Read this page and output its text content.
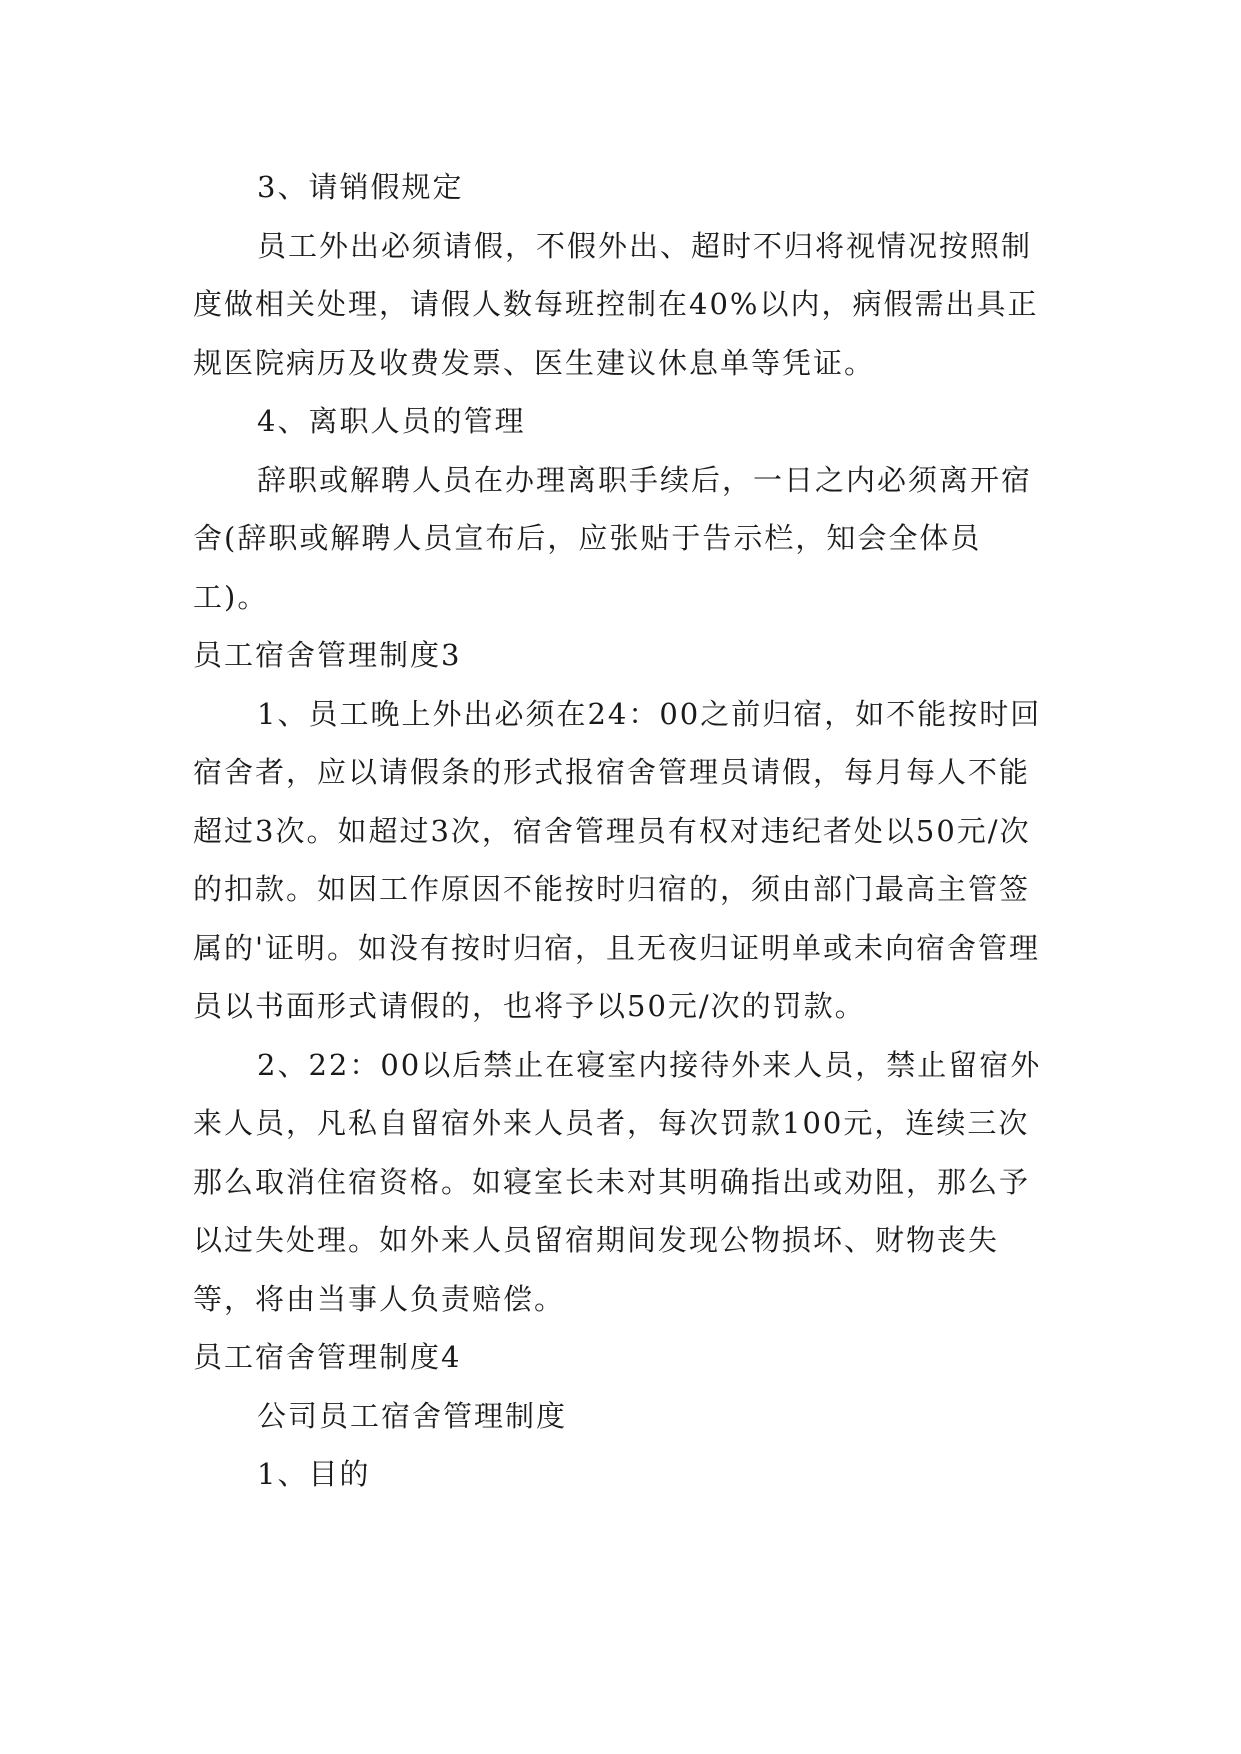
3、请销假规定

员工外出必须请假，不假外出、超时不归将视情况按照制度做相关处理，请假人数每班控制在40%以内，病假需出具正规医院病历及收费发票、医生建议休息单等凭证。

4、离职人员的管理

辞职或解聘人员在办理离职手续后，一日之内必须离开宿舍(辞职或解聘人员宣布后，应张贴于告示栏，知会全体员工)。

员工宿舍管理制度3

1、员工晚上外出必须在24：00之前归宿，如不能按时回宿舍者，应以请假条的形式报宿舍管理员请假，每月每人不能超过3次。如超过3次，宿舍管理员有权对违纪者处以50元/次的扣款。如因工作原因不能按时归宿的，须由部门最高主管签属的'证明。如没有按时归宿，且无夜归证明单或未向宿舍管理员以书面形式请假的，也将予以50元/次的罚款。

2、22：00以后禁止在寝室内接待外来人员，禁止留宿外来人员，凡私自留宿外来人员者，每次罚款100元，连续三次那么取消住宿资格。如寝室长未对其明确指出或劝阻，那么予以过失处理。如外来人员留宿期间发现公物损坏、财物丧失等，将由当事人负责赔偿。

员工宿舍管理制度4

公司员工宿舍管理制度

1、目的
